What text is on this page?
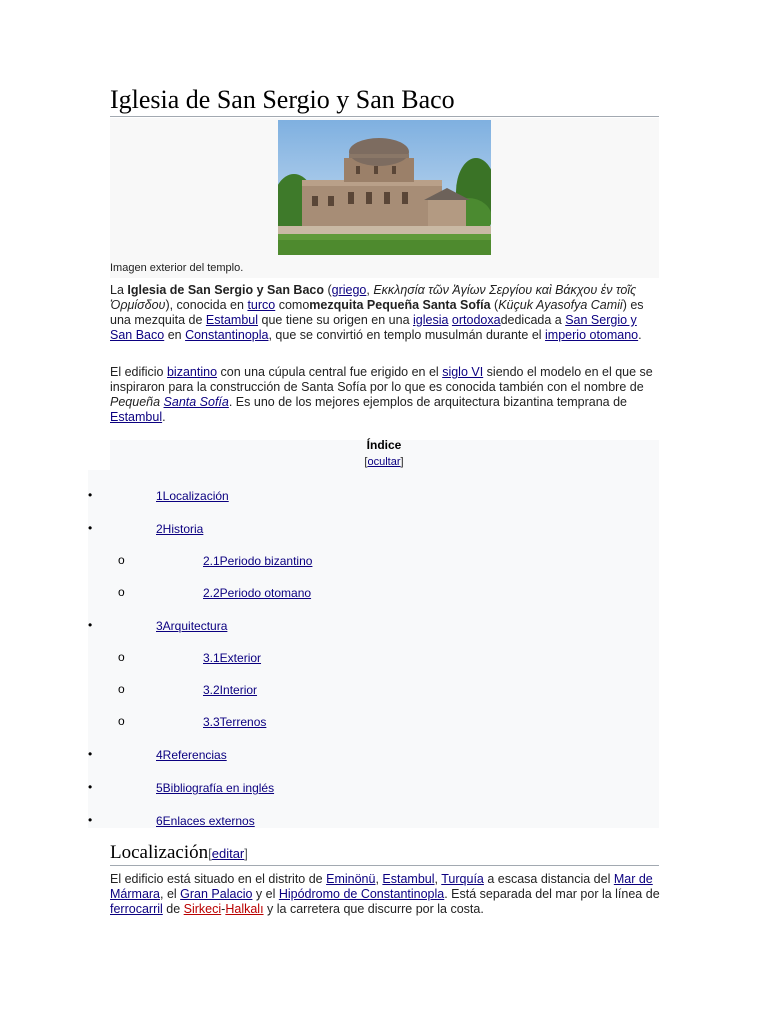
Iglesia de San Sergio y San Baco
Imagen exterior del templo.

La Iglesia de San Sergio y San Baco (griego, Εκκλησία τῶν Ἁγίων Σεργίου καὶ Βάκχου ἐν τοῖς Ὁρμίσδου), conocida en turco comomezquita Pequeña Santa Sofía (Küçuk Ayasofya Camii) es una mezquita de Estambul que tiene su origen en una iglesia ortodoxadedicada a San Sergio y San Baco en Constantinopla, que se convirtió en templo musulmán durante el imperio otomano.

El edificio bizantino con una cúpula central fue erigido en el siglo VI siendo el modelo en el que se inspiraron para la construcción de Santa Sofía por lo que es conocida también con el nombre de Pequeña Santa Sofía. Es uno de los mejores ejemplos de arquitectura bizantina temprana de Estambul.

Índice
[ocultar]
•	1Localización
•	2Historia
o	2.1Periodo bizantino
o	2.2Periodo otomano
•	3Arquitectura
o	3.1Exterior
o	3.2Interior
o	3.3Terrenos
•	4Referencias
•	5Bibliografía en inglés
•	6Enlaces externos
Localización[editar]

El edificio está situado en el distrito de Eminönü, Estambul, Turquía a escasa distancia del Mar de Mármara, el Gran Palacio y el Hipódromo de Constantinopla. Está separada del mar por la línea de ferrocarril de Sirkeci-Halkalı y la carretera que discurre por la costa.
